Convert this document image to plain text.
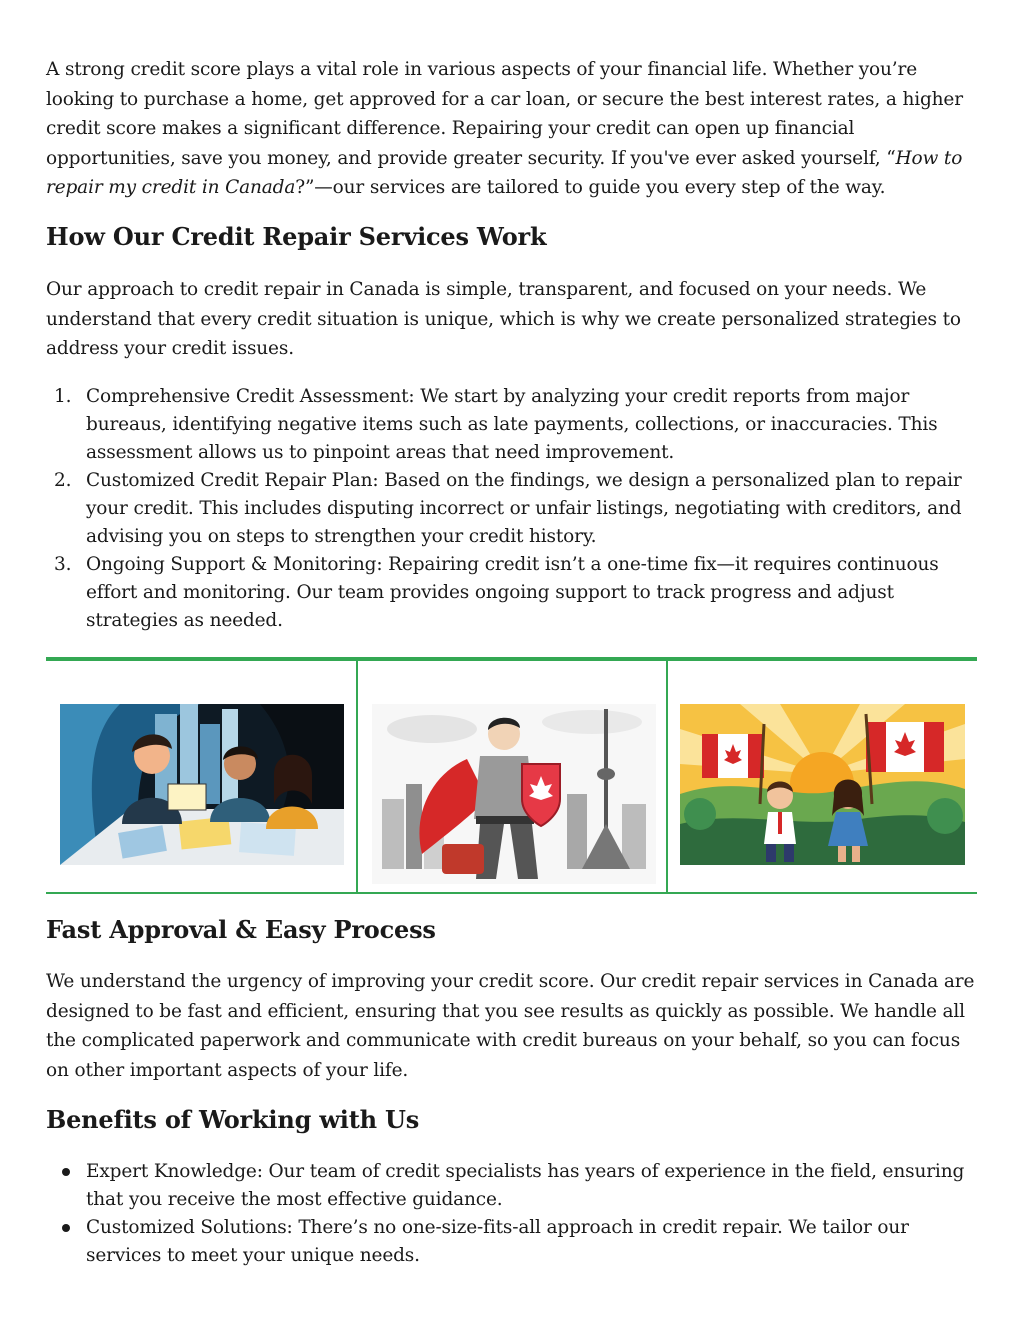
A strong credit score plays a vital role in various aspects of your financial life. Whether you’re looking to purchase a home, get approved for a car loan, or secure the best interest rates, a higher credit score makes a significant difference. Repairing your credit can open up financial opportunities, save you money, and provide greater security. If you've ever asked yourself, “How to repair my credit in Canada?”—our services are tailored to guide you every step of the way.

How Our Credit Repair Services Work

Our approach to credit repair in Canada is simple, transparent, and focused on your needs. We understand that every credit situation is unique, which is why we create personalized strategies to address your credit issues.

1. Comprehensive Credit Assessment: We start by analyzing your credit reports from major bureaus, identifying negative items such as late payments, collections, or inaccuracies. This assessment allows us to pinpoint areas that need improvement.
2. Customized Credit Repair Plan: Based on the findings, we design a personalized plan to repair your credit. This includes disputing incorrect or unfair listings, negotiating with creditors, and advising you on steps to strengthen your credit history.
3. Ongoing Support & Monitoring: Repairing credit isn’t a one-time fix—it requires continuous effort and monitoring. Our team provides ongoing support to track progress and adjust strategies as needed.
Fast Approval & Easy Process

We understand the urgency of improving your credit score. Our credit repair services in Canada are designed to be fast and efficient, ensuring that you see results as quickly as possible. We handle all the complicated paperwork and communicate with credit bureaus on your behalf, so you can focus on other important aspects of your life.

Benefits of Working with Us
Expert Knowledge: Our team of credit specialists has years of experience in the field, ensuring that you receive the most effective guidance.
Customized Solutions: There’s no one-size-fits-all approach in credit repair. We tailor our services to meet your unique needs.
